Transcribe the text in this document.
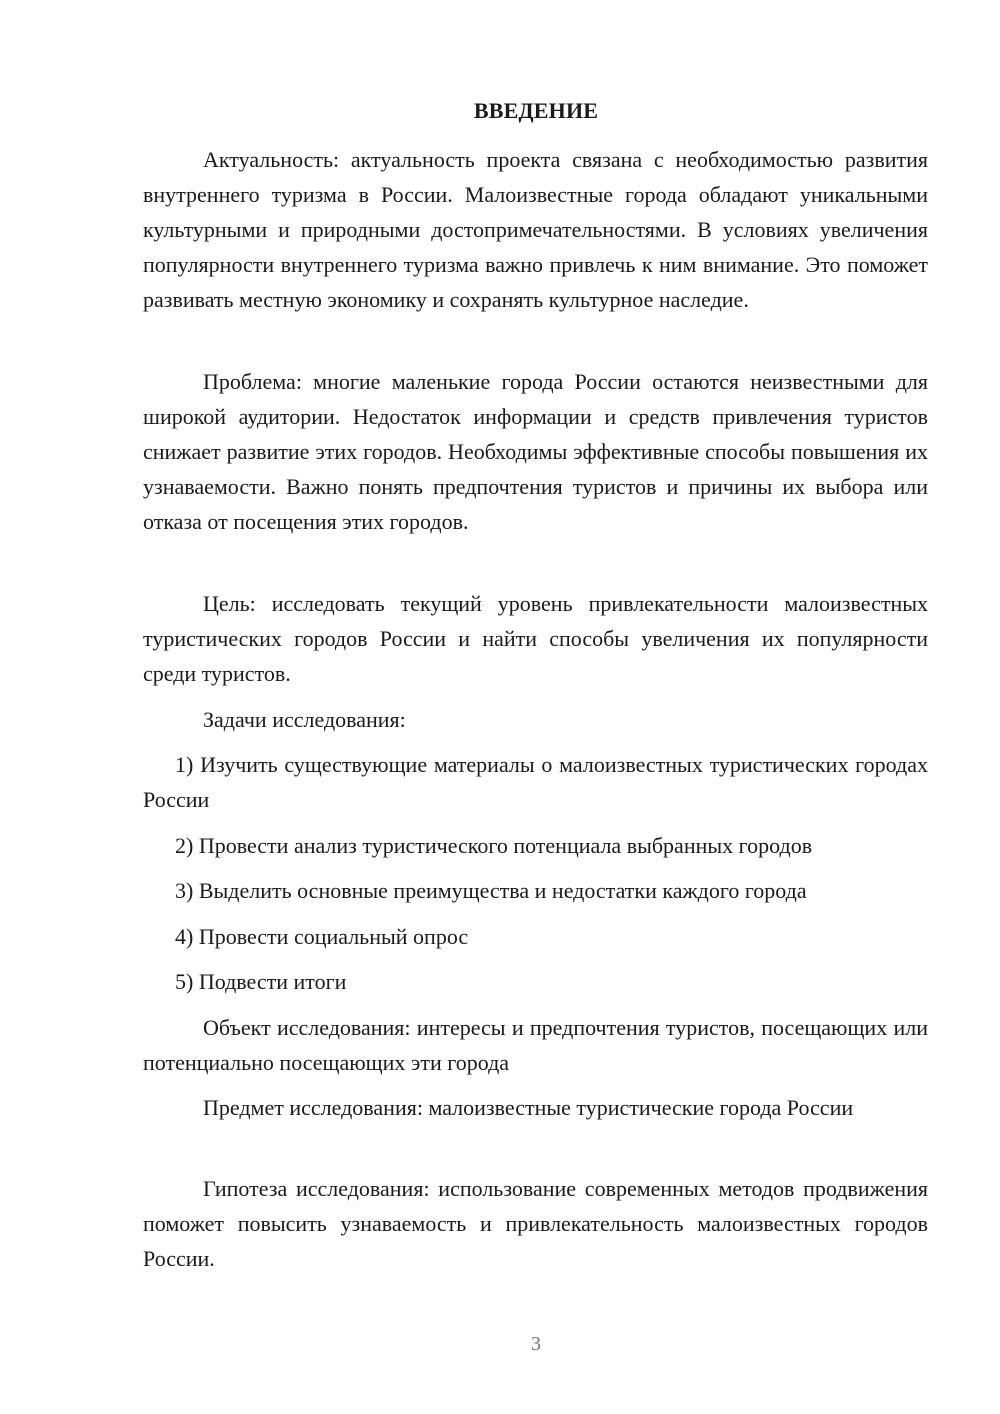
ВВЕДЕНИЕ

Актуальность: актуальность проекта связана с необходимостью развития внутреннего туризма в России. Малоизвестные города обладают уникальными культурными и природными достопримечательностями. В условиях увеличения популярности внутреннего туризма важно привлечь к ним внимание. Это поможет развивать местную экономику и сохранять культурное наследие.

Проблема: многие маленькие города России остаются неизвестными для широкой аудитории. Недостаток информации и средств привлечения туристов снижает развитие этих городов. Необходимы эффективные способы повышения их узнаваемости. Важно понять предпочтения туристов и причины их выбора или отказа от посещения этих городов.

Цель: исследовать текущий уровень привлекательности малоизвестных туристических городов России и найти способы увеличения их популярности среди туристов.

Задачи исследования:

1) Изучить существующие материалы о малоизвестных туристических городах России

2) Провести анализ туристического потенциала выбранных городов

3) Выделить основные преимущества и недостатки каждого города

4) Провести социальный опрос

5) Подвести итоги

Объект исследования: интересы и предпочтения туристов, посещающих или потенциально посещающих эти города

Предмет исследования: малоизвестные туристические города России

Гипотеза исследования: использование современных методов продвижения поможет повысить узнаваемость и привлекательность малоизвестных городов России.

3
